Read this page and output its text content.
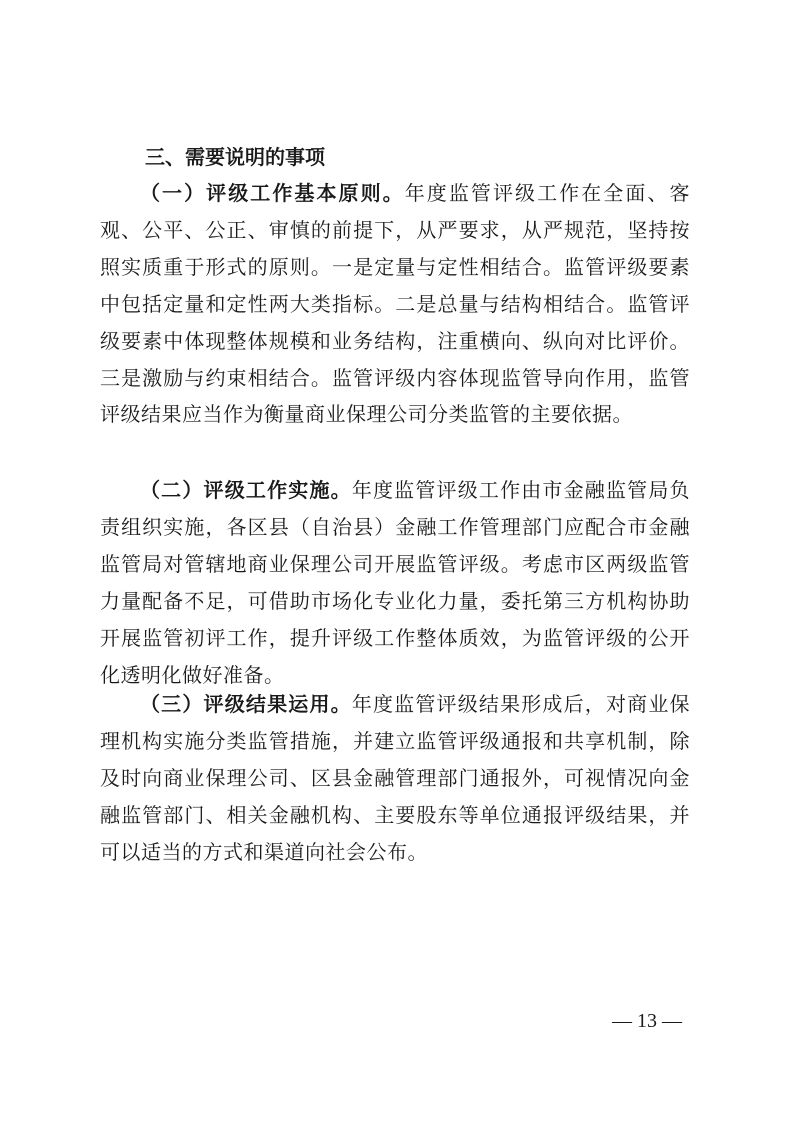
三、需要说明的事项

（一）评级工作基本原则。年度监管评级工作在全面、客观、公平、公正、审慎的前提下，从严要求，从严规范，坚持按照实质重于形式的原则。一是定量与定性相结合。监管评级要素中包括定量和定性两大类指标。二是总量与结构相结合。监管评级要素中体现整体规模和业务结构，注重横向、纵向对比评价。三是激励与约束相结合。监管评级内容体现监管导向作用，监管评级结果应当作为衡量商业保理公司分类监管的主要依据。

（二）评级工作实施。年度监管评级工作由市金融监管局负责组织实施，各区县（自治县）金融工作管理部门应配合市金融监管局对管辖地商业保理公司开展监管评级。考虑市区两级监管力量配备不足，可借助市场化专业化力量，委托第三方机构协助开展监管初评工作，提升评级工作整体质效，为监管评级的公开化透明化做好准备。

（三）评级结果运用。年度监管评级结果形成后，对商业保理机构实施分类监管措施，并建立监管评级通报和共享机制，除及时向商业保理公司、区县金融管理部门通报外，可视情况向金融监管部门、相关金融机构、主要股东等单位通报评级结果，并可以适当的方式和渠道向社会公布。

— 13 —
